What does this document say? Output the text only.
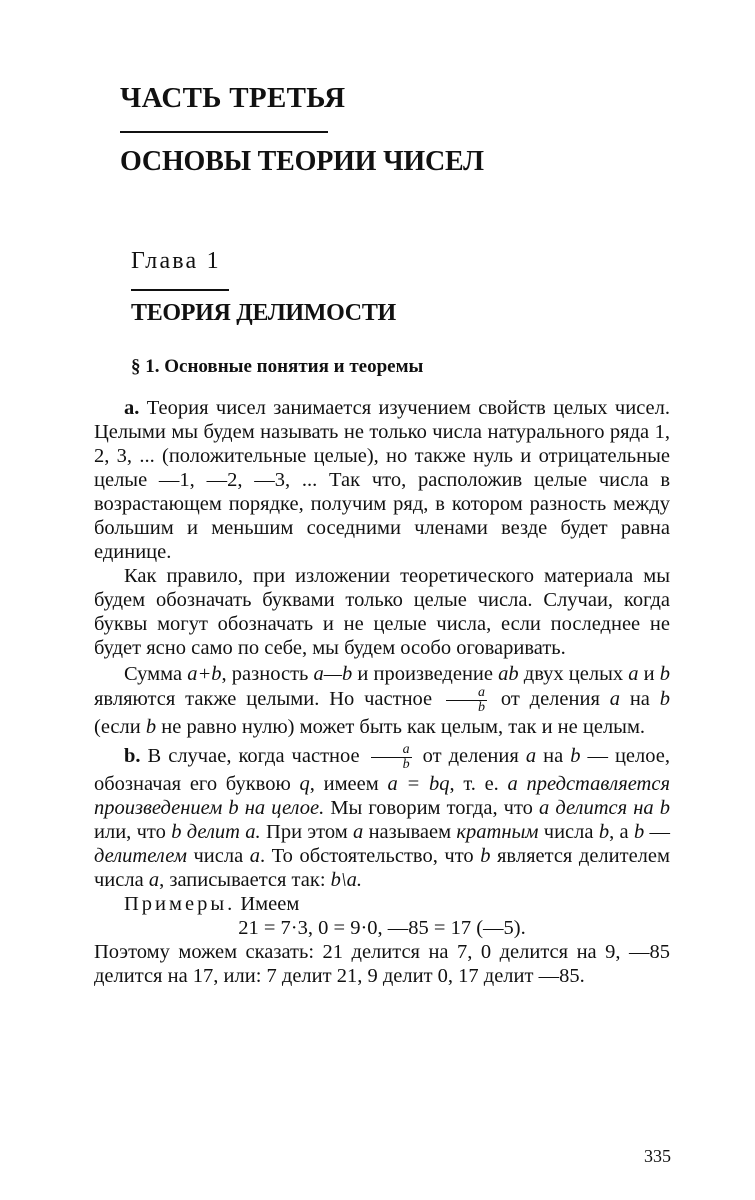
ЧАСТЬ ТРЕТЬЯ
ОСНОВЫ ТЕОРИИ ЧИСЕЛ
Глава 1
ТЕОРИЯ ДЕЛИМОСТИ
§ 1. Основные понятия и теоремы

а. Теория чисел занимается изучением свойств целых чисел. Целыми мы будем называть не только числа натурального ряда 1, 2, 3, ... (положительные целые), но также нуль и отрицательные целые —1, —2, —3, ... Так что, расположив целые числа в возрастающем порядке, получим ряд, в котором разность между большим и меньшим соседними членами везде будет равна единице.

Как правило, при изложении теоретического материала мы будем обозначать буквами только целые числа. Случаи, когда буквы могут обозначать и не целые числа, если последнее не будет ясно само по себе, мы будем особо оговаривать.

Сумма a+b, разность a—b и произведение ab двух целых a и b являются также целыми. Но частное $\frac{a}{b}$ от деления a на b (если b не равно нулю) может быть как целым, так и не целым.

b. В случае, когда частное $\frac{a}{b}$ от деления a на b — целое, обозначая его буквою q, имеем a = bq, т. е. a представляется произведением b на целое. Мы говорим тогда, что a делится на b или, что b делит a. При этом a называем кратным числа b, а b — делителем числа a. То обстоятельство, что b является делителем числа a, записывается так: b\a.

Примеры. Имеем

21 = 7·3, 0 = 9·0, —85 = 17 (—5).

Поэтому можем сказать: 21 делится на 7, 0 делится на 9, —85 делится на 17, или: 7 делит 21, 9 делит 0, 17 делит —85.

335
